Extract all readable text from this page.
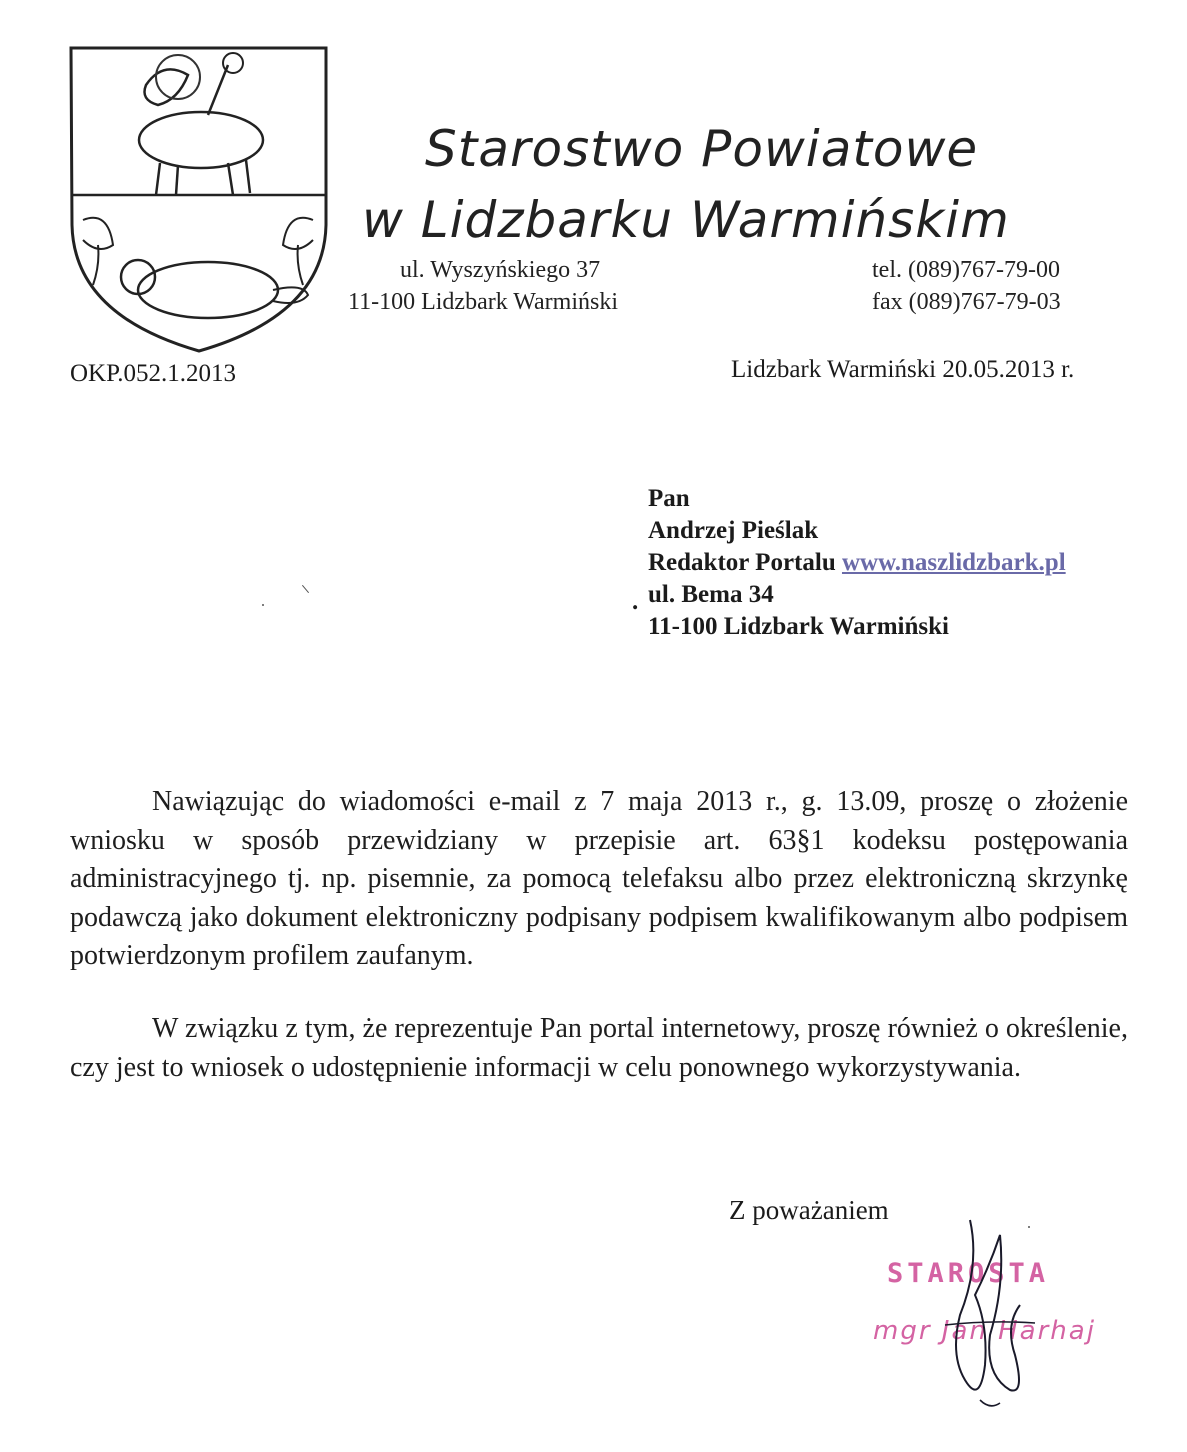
Starostwo Powiatowe
w Lidzbarku Warmińskim
ul. Wyszyńskiego 37
11-100 Lidzbark Warmiński
tel. (089)767-79-00
fax (089)767-79-03
OKP.052.1.2013	Lidzbark Warmiński 20.05.2013 r.
Pan
Andrzej Pieślak
Redaktor Portalu www.naszlidzbark.pl
ul. Bema 34
11-100 Lidzbark Warmiński
.
Nawiązując do wiadomości e-mail z 7 maja 2013 r., g. 13.09, proszę o złożenie wniosku w sposób przewidziany w przepisie art. 63§1 kodeksu postępowania administracyjnego tj. np. pisemnie, za pomocą telefaksu albo przez elektroniczną skrzynkę podawczą jako dokument elektroniczny podpisany podpisem kwalifikowanym albo podpisem potwierdzonym profilem zaufanym.
W związku z tym, że reprezentuje Pan portal internetowy, proszę również o określenie, czy jest to wniosek o udostępnienie informacji w celu ponownego wykorzystywania.
Z poważaniem
STAROSTA
mgr Jan Harhaj
